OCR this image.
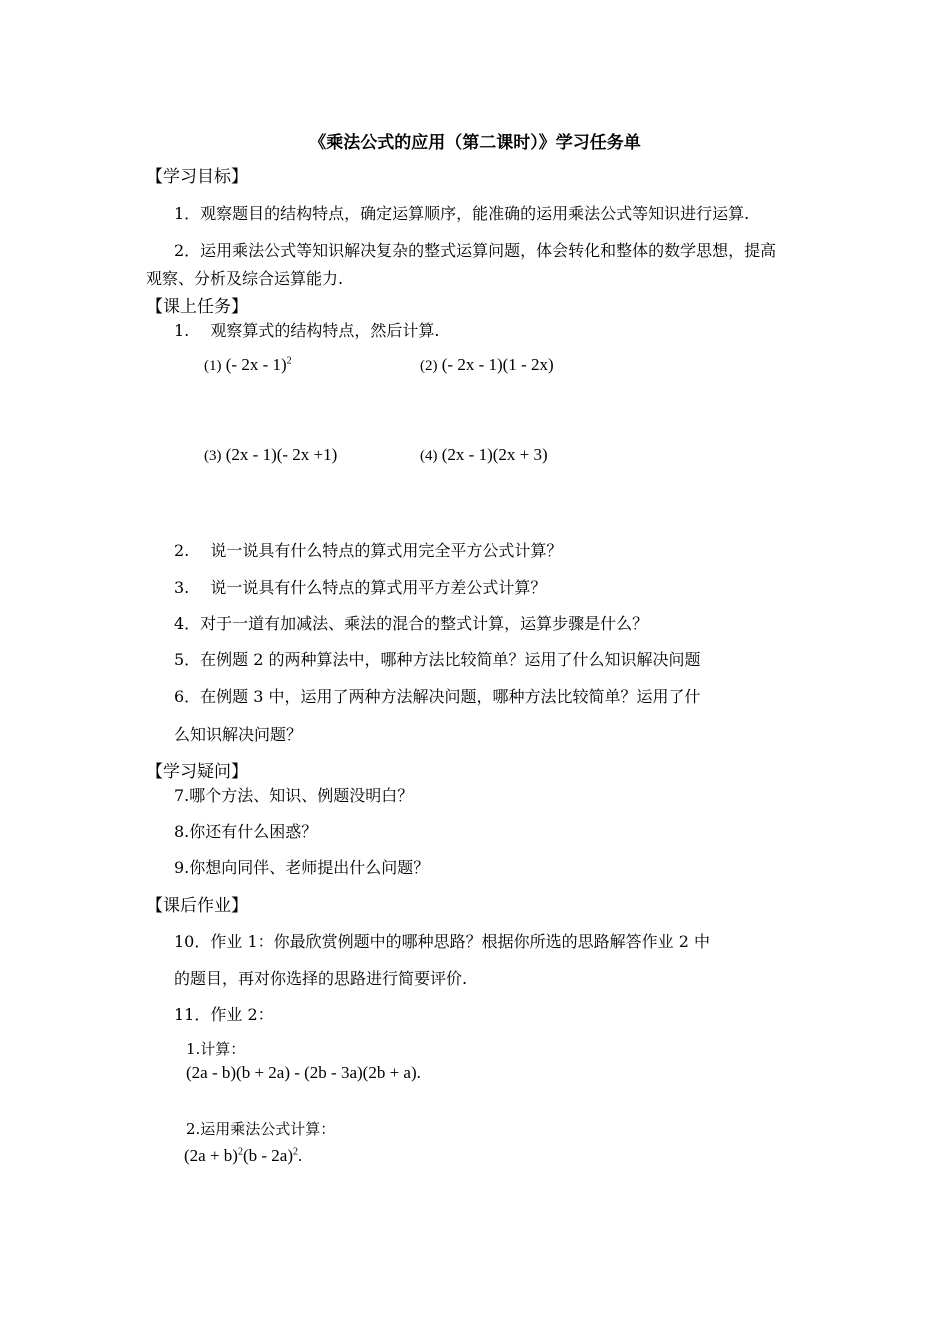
《乘法公式的应用（第二课时）》学习任务单
【学习目标】
1．观察题目的结构特点，确定运算顺序，能准确的运用乘法公式等知识进行运算.
2．运用乘法公式等知识解决复杂的整式运算问题，体会转化和整体的数学思想，提高
观察、分析及综合运算能力.
【课上任务】
1.　 观察算式的结构特点，然后计算.
(1) (- 2x - 1)$^2$	(2) (- 2x - 1)(1 - 2x)
(3) (2x - 1)(- 2x +1)	(4) (2x - 1)(2x + 3)
2.　 说一说具有什么特点的算式用完全平方公式计算？
3.　 说一说具有什么特点的算式用平方差公式计算？
4．对于一道有加减法、乘法的混合的整式计算，运算步骤是什么？
5．在例题 2 的两种算法中，哪种方法比较简单？运用了什么知识解决问题
6．在例题 3 中，运用了两种方法解决问题，哪种方法比较简单？运用了什
么知识解决问题？
【学习疑问】
7.哪个方法、知识、例题没明白？
8.你还有什么困惑？
9.你想向同伴、老师提出什么问题？
【课后作业】
10．作业 1：你最欣赏例题中的哪种思路？根据你所选的思路解答作业 2 中
的题目，再对你选择的思路进行简要评价.
11．作业 2：
1.计算：
(2a - b)(b + 2a) - (2b - 3a)(2b + a).
2.运用乘法公式计算：
$(2a + b)^2(b - 2a)^2$.
